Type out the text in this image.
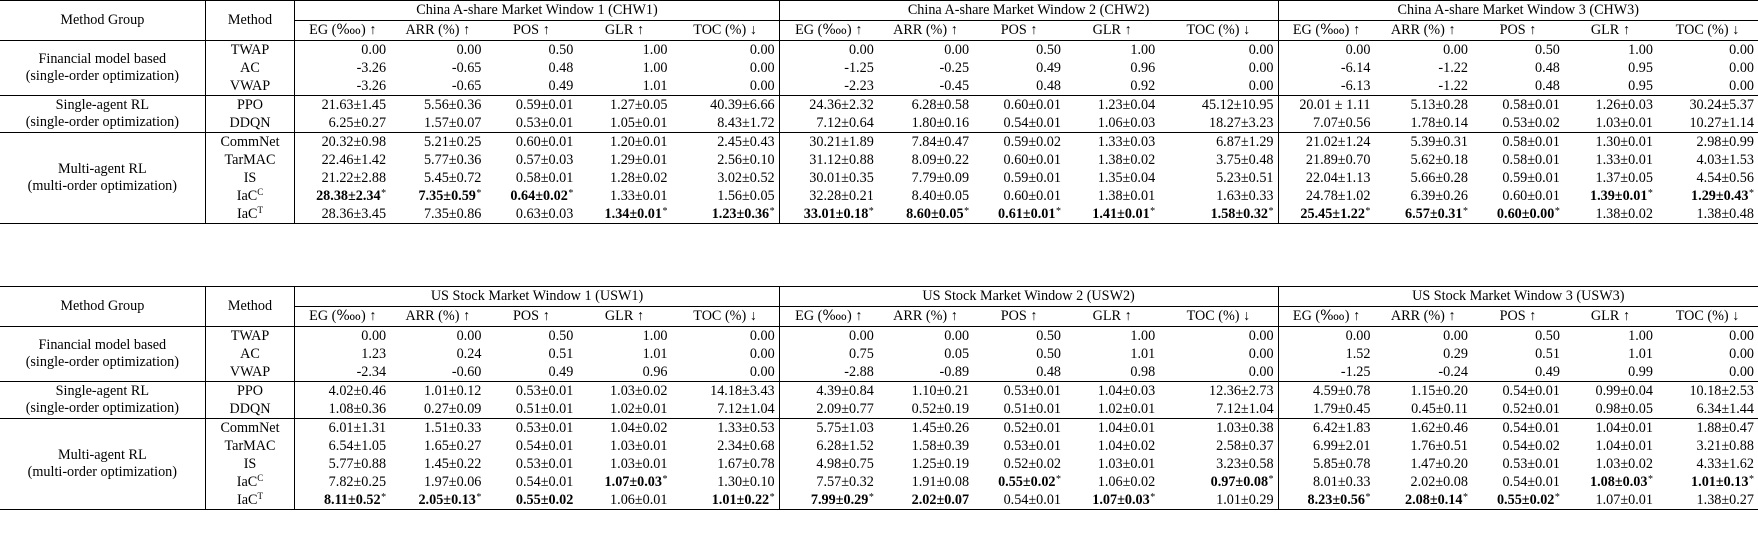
Method Group	Method	China A-share Market Window 1 (CHW1)					China A-share Market Window 2 (CHW2)					China A-share Market Window 3 (CHW3)				
		EG (‱) ↑	ARR (%) ↑	POS ↑	GLR ↑	TOC (%) ↓	EG (‱) ↑	ARR (%) ↑	POS ↑	GLR ↑	TOC (%) ↓	EG (‱) ↑	ARR (%) ↑	POS ↑	GLR ↑	TOC (%) ↓

Financial model based
(single-order optimization)	TWAP	0.00	0.00	0.50	1.00	0.00	0.00	0.00	0.50	1.00	0.00	0.00	0.00	0.50	1.00	0.00
	AC	-3.26	-0.65	0.48	1.00	0.00	-1.25	-0.25	0.49	0.96	0.00	-6.14	-1.22	0.48	0.95	0.00
	VWAP	-3.26	-0.65	0.49	1.01	0.00	-2.23	-0.45	0.48	0.92	0.00	-6.13	-1.22	0.48	0.95	0.00

Single-agent RL
(single-order optimization)	PPO	21.63±1.45	5.56±0.36	0.59±0.01	1.27±0.05	40.39±6.66	24.36±2.32	6.28±0.58	0.60±0.01	1.23±0.04	45.12±10.95	20.01 ± 1.11	5.13±0.28	0.58±0.01	1.26±0.03	30.24±5.37
	DDQN	6.25±0.27	1.57±0.07	0.53±0.01	1.05±0.01	8.43±1.72	7.12±0.64	1.80±0.16	0.54±0.01	1.06±0.03	18.27±3.23	7.07±0.56	1.78±0.14	0.53±0.02	1.03±0.01	10.27±1.14

Multi-agent RL
(multi-order optimization)	CommNet	20.32±0.98	5.21±0.25	0.60±0.01	1.20±0.01	2.45±0.43	30.21±1.89	7.84±0.47	0.59±0.02	1.33±0.03	6.87±1.29	21.02±1.24	5.39±0.31	0.58±0.01	1.30±0.01	2.98±0.99
	TarMAC	22.46±1.42	5.77±0.36	0.57±0.03	1.29±0.01	2.56±0.10	31.12±0.88	8.09±0.22	0.60±0.01	1.38±0.02	3.75±0.48	21.89±0.70	5.62±0.18	0.58±0.01	1.33±0.01	4.03±1.53
	IS	21.22±2.88	5.45±0.72	0.58±0.01	1.28±0.02	3.02±0.52	30.01±0.35	7.79±0.09	0.59±0.01	1.35±0.04	5.23±0.51	22.04±1.13	5.66±0.28	0.59±0.01	1.37±0.05	4.54±0.56
	IaC$^C$	28.38±2.34*	7.35±0.59*	0.64±0.02*	1.33±0.01	1.56±0.05	32.28±0.21	8.40±0.05	0.60±0.01	1.38±0.01	1.63±0.33	24.78±1.02	6.39±0.26	0.60±0.01	1.39±0.01*	1.29±0.43*
	IaC$^T$	28.36±3.45	7.35±0.86	0.63±0.03	1.34±0.01*	1.23±0.36*	33.01±0.18*	8.60±0.05*	0.61±0.01*	1.41±0.01*	1.58±0.32*	25.45±1.22*	6.57±0.31*	0.60±0.00*	1.38±0.02	1.38±0.48
Method Group	Method	US Stock Market Window 1 (USW1)					US Stock Market Window 2 (USW2)					US Stock Market Window 3 (USW3)				
		EG (‱) ↑	ARR (%) ↑	POS ↑	GLR ↑	TOC (%) ↓	EG (‱) ↑	ARR (%) ↑	POS ↑	GLR ↑	TOC (%) ↓	EG (‱) ↑	ARR (%) ↑	POS ↑	GLR ↑	TOC (%) ↓

Financial model based
(single-order optimization)	TWAP	0.00	0.00	0.50	1.00	0.00	0.00	0.00	0.50	1.00	0.00	0.00	0.00	0.50	1.00	0.00
	AC	1.23	0.24	0.51	1.01	0.00	0.75	0.05	0.50	1.01	0.00	1.52	0.29	0.51	1.01	0.00
	VWAP	-2.34	-0.60	0.49	0.96	0.00	-2.88	-0.89	0.48	0.98	0.00	-1.25	-0.24	0.49	0.99	0.00

Single-agent RL
(single-order optimization)	PPO	4.02±0.46	1.01±0.12	0.53±0.01	1.03±0.02	14.18±3.43	4.39±0.84	1.10±0.21	0.53±0.01	1.04±0.03	12.36±2.73	4.59±0.78	1.15±0.20	0.54±0.01	0.99±0.04	10.18±2.53
	DDQN	1.08±0.36	0.27±0.09	0.51±0.01	1.02±0.01	7.12±1.04	2.09±0.77	0.52±0.19	0.51±0.01	1.02±0.01	7.12±1.04	1.79±0.45	0.45±0.11	0.52±0.01	0.98±0.05	6.34±1.44

Multi-agent RL
(multi-order optimization)	CommNet	6.01±1.31	1.51±0.33	0.53±0.01	1.04±0.02	1.33±0.53	5.75±1.03	1.45±0.26	0.52±0.01	1.04±0.01	1.03±0.38	6.42±1.83	1.62±0.46	0.54±0.01	1.04±0.01	1.88±0.47
	TarMAC	6.54±1.05	1.65±0.27	0.54±0.01	1.03±0.01	2.34±0.68	6.28±1.52	1.58±0.39	0.53±0.01	1.04±0.02	2.58±0.37	6.99±2.01	1.76±0.51	0.54±0.02	1.04±0.01	3.21±0.88
	IS	5.77±0.88	1.45±0.22	0.53±0.01	1.03±0.01	1.67±0.78	4.98±0.75	1.25±0.19	0.52±0.02	1.03±0.01	3.23±0.58	5.85±0.78	1.47±0.20	0.53±0.01	1.03±0.02	4.33±1.62
	IaC$^C$	7.82±0.25	1.97±0.06	0.54±0.01	1.07±0.03*	1.30±0.10	7.57±0.32	1.91±0.08	0.55±0.02*	1.06±0.02	0.97±0.08*	8.01±0.33	2.02±0.08	0.54±0.01	1.08±0.03*	1.01±0.13*
	IaC$^T$	8.11±0.52*	2.05±0.13*	0.55±0.02	1.06±0.01	1.01±0.22*	7.99±0.29*	2.02±0.07	0.54±0.01	1.07±0.03*	1.01±0.29	8.23±0.56*	2.08±0.14*	0.55±0.02*	1.07±0.01	1.38±0.27
